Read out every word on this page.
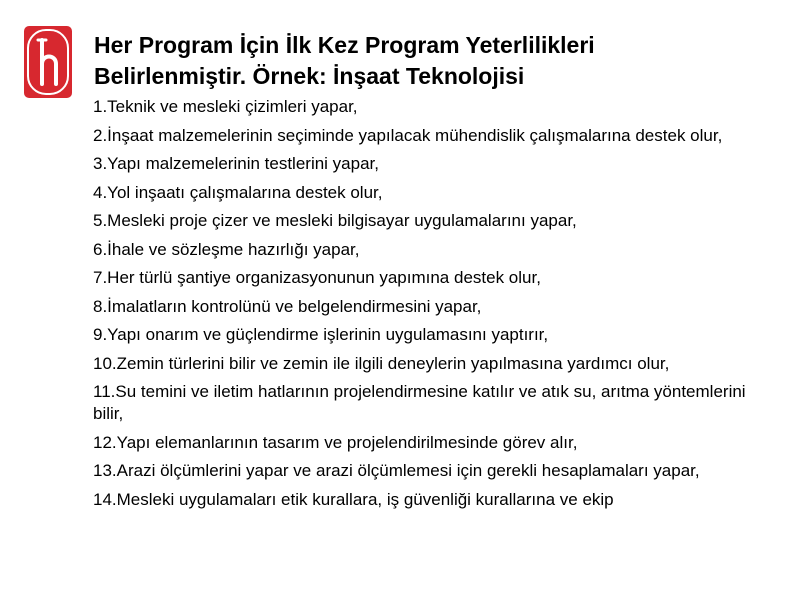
Her Program İçin İlk Kez Program Yeterlilikleri
Belirlenmiştir. Örnek: İnşaat Teknolojisi
1.Teknik ve mesleki çizimleri yapar,
2.İnşaat malzemelerinin seçiminde yapılacak mühendislik çalışmalarına destek olur,
3.Yapı malzemelerinin testlerini yapar,
4.Yol inşaatı çalışmalarına destek olur,
5.Mesleki proje çizer ve mesleki bilgisayar uygulamalarını yapar,
6.İhale ve sözleşme hazırlığı yapar,
7.Her türlü şantiye organizasyonunun yapımına destek olur,
8.İmalatların kontrolünü ve belgelendirmesini yapar,
9.Yapı onarım ve güçlendirme işlerinin uygulamasını yaptırır,
10.Zemin türlerini bilir ve zemin ile ilgili deneylerin yapılmasına yardımcı olur,
11.Su temini ve iletim hatlarının projelendirmesine katılır ve atık su, arıtma yöntemlerini bilir,
12.Yapı elemanlarının tasarım ve projelendirilmesinde görev alır,
13.Arazi ölçümlerini yapar ve arazi ölçümlemesi için gerekli hesaplamaları yapar,
14.Mesleki uygulamaları etik kurallara, iş güvenliği kurallarına ve ekip
